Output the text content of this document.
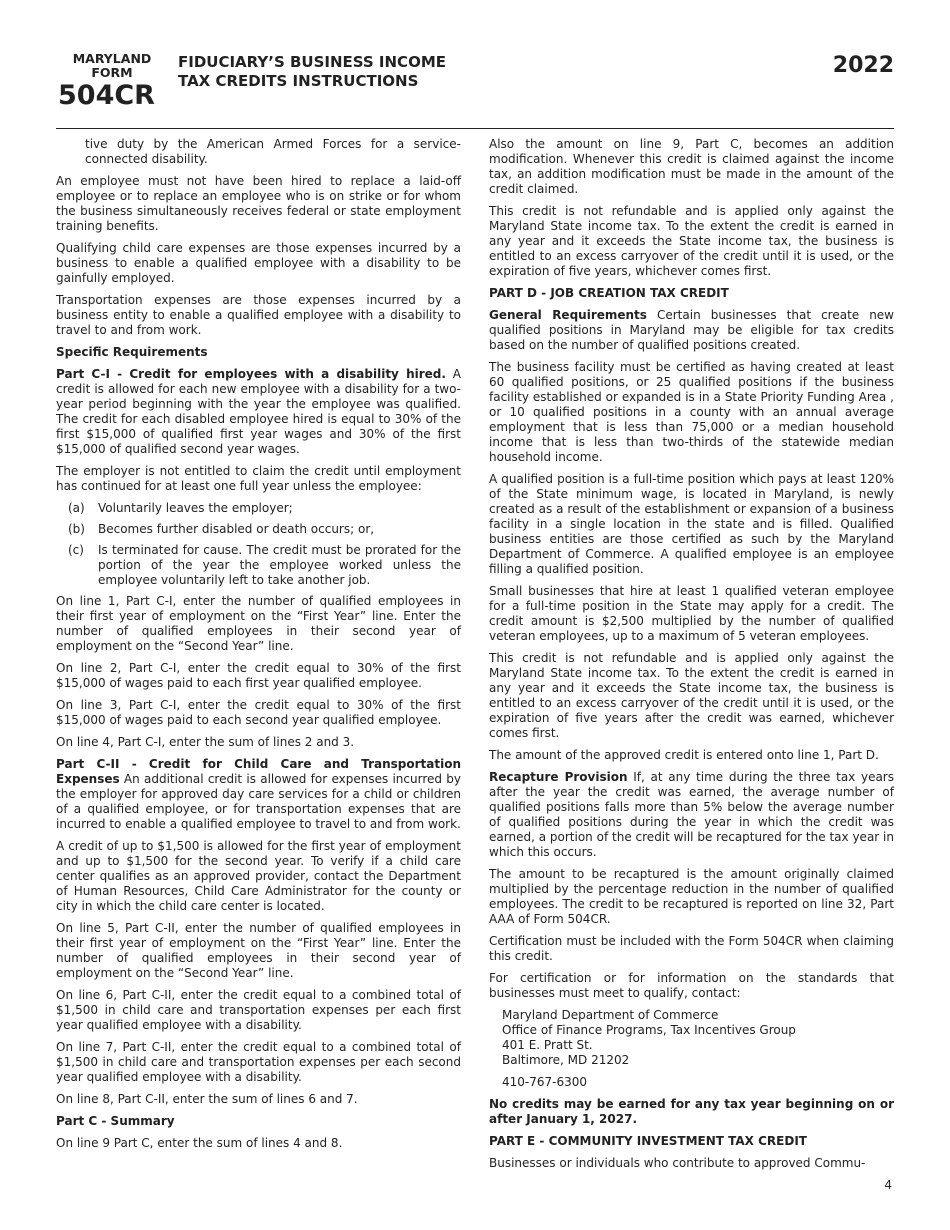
MARYLAND
FORM
504CR
FIDUCIARY’S BUSINESS INCOME
TAX CREDITS INSTRUCTIONS
2022

tive duty by the American Armed Forces for a service-connected disability.

An employee must not have been hired to replace a laid-off employee or to replace an employee who is on strike or for whom the business simultaneously receives federal or state employment training benefits.

Qualifying child care expenses are those expenses incurred by a business to enable a qualified employee with a disability to be gainfully employed.

Transportation expenses are those expenses incurred by a business entity to enable a qualified employee with a disability to travel to and from work.

Specific Requirements

Part C-I - Credit for employees with a disability hired. A credit is allowed for each new employee with a disability for a two- year period beginning with the year the employee was qualified. The credit for each disabled employee hired is equal to 30% of the first $15,000 of qualified first year wages and 30% of the first $15,000 of qualified second year wages.

The employer is not entitled to claim the credit until employment has continued for at least one full year unless the employee:

(a)	Voluntarily leaves the employer;
(b)	Becomes further disabled or death occurs; or,
(c)	Is terminated for cause. The credit must be prorated for the portion of the year the employee worked unless the employee voluntarily left to take another job.

On line 1, Part C-I, enter the number of qualified employees in their first year of employment on the “First Year” line. Enter the number of qualified employees in their second year of employment on the “Second Year” line.

On line 2, Part C-I, enter the credit equal to 30% of the first $15,000 of wages paid to each first year qualified employee.

On line 3, Part C-I, enter the credit equal to 30% of the first $15,000 of wages paid to each second year qualified employee.

On line 4, Part C-I, enter the sum of lines 2 and 3.

Part C-II - Credit for Child Care and Transportation Expenses An additional credit is allowed for expenses incurred by the employer for approved day care services for a child or children of a qualified employee, or for transportation expenses that are incurred to enable a qualified employee to travel to and from work.

A credit of up to $1,500 is allowed for the first year of employment and up to $1,500 for the second year. To verify if a child care center qualifies as an approved provider, contact the Department of Human Resources, Child Care Administrator for the county or city in which the child care center is located.

On line 5, Part C-II, enter the number of qualified employees in their first year of employment on the “First Year” line. Enter the number of qualified employees in their second year of employment on the “Second Year” line.

On line 6, Part C-II, enter the credit equal to a combined total of $1,500 in child care and transportation expenses per each first year qualified employee with a disability.

On line 7, Part C-II, enter the credit equal to a combined total of $1,500 in child care and transportation expenses per each second year qualified employee with a disability.

On line 8, Part C-II, enter the sum of lines 6 and 7.

Part C - Summary

On line 9 Part C, enter the sum of lines 4 and 8.

Also the amount on line 9, Part C, becomes an addition modification. Whenever this credit is claimed against the income tax, an addition modification must be made in the amount of the credit claimed.

This credit is not refundable and is applied only against the Maryland State income tax. To the extent the credit is earned in any year and it exceeds the State income tax, the business is entitled to an excess carryover of the credit until it is used, or the expiration of five years, whichever comes first.

PART D - JOB CREATION TAX CREDIT

General Requirements Certain businesses that create new qualified positions in Maryland may be eligible for tax credits based on the number of qualified positions created.

The business facility must be certified as having created at least 60 qualified positions, or 25 qualified positions if the business facility established or expanded is in a State Priority Funding Area , or 10 qualified positions in a county with an annual average employment that is less than 75,000 or a median household income that is less than two-thirds of the statewide median household income.

A qualified position is a full-time position which pays at least 120% of the State minimum wage, is located in Maryland, is newly created as a result of the establishment or expansion of a business facility in a single location in the state and is filled. Qualified business entities are those certified as such by the Maryland Department of Commerce. A qualified employee is an employee filling a qualified position.

Small businesses that hire at least 1 qualified veteran employee for a full-time position in the State may apply for a credit. The credit amount is $2,500 multiplied by the number of qualified veteran employees, up to a maximum of 5 veteran employees.

This credit is not refundable and is applied only against the Maryland State income tax. To the extent the credit is earned in any year and it exceeds the State income tax, the business is entitled to an excess carryover of the credit until it is used, or the expiration of five years after the credit was earned, whichever comes first.

The amount of the approved credit is entered onto line 1, Part D.

Recapture Provision If, at any time during the three tax years after the year the credit was earned, the average number of qualified positions falls more than 5% below the average number of qualified positions during the year in which the credit was earned, a portion of the credit will be recaptured for the tax year in which this occurs.

The amount to be recaptured is the amount originally claimed multiplied by the percentage reduction in the number of qualified employees. The credit to be recaptured is reported on line 32, Part AAA of Form 504CR.

Certification must be included with the Form 504CR when claiming this credit.

For certification or for information on the standards that businesses must meet to qualify, contact:

Maryland Department of Commerce
Office of Finance Programs, Tax Incentives Group
401 E. Pratt St.
Baltimore, MD 21202
410-767-6300

No credits may be earned for any tax year beginning on or after January 1, 2027.

PART E - COMMUNITY INVESTMENT TAX CREDIT

Businesses or individuals who contribute to approved Commu-

4
